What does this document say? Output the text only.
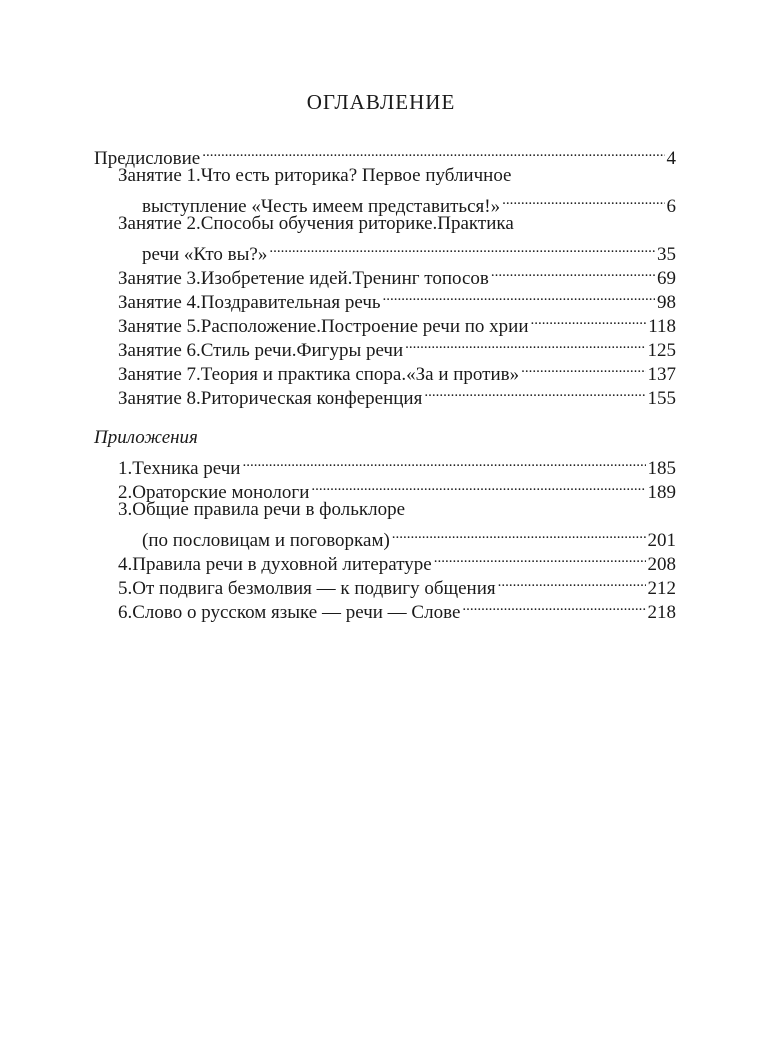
ОГЛАВЛЕНИЕ
Предисловие .....	4
Занятие 1.Что есть риторика? Первое публичное
выступление «Честь имеем представиться!» .....	6
Занятие 2.Способы обучения риторике.Практика
речи «Кто вы?» .....	35
Занятие 3.Изобретение идей.Тренинг топосов .....	69
Занятие 4.Поздравительная речь .....	98
Занятие 5.Расположение.Построение речи по хрии .....	118
Занятие 6.Стиль речи.Фигуры речи .....	125
Занятие 7.Теория и практика спора.«За и против» .....	137
Занятие 8.Риторическая конференция .....	155
Приложения
1.Техника речи .....	185
2.Ораторские монологи .....	189
3.Общие правила речи в фольклоре
(по пословицам и поговоркам) .....	201
4.Правила речи в духовной литературе .....	208
5.От подвига безмолвия — к подвигу общения .....	212
6.Слово о русском языке — речи — Слове .....	218
